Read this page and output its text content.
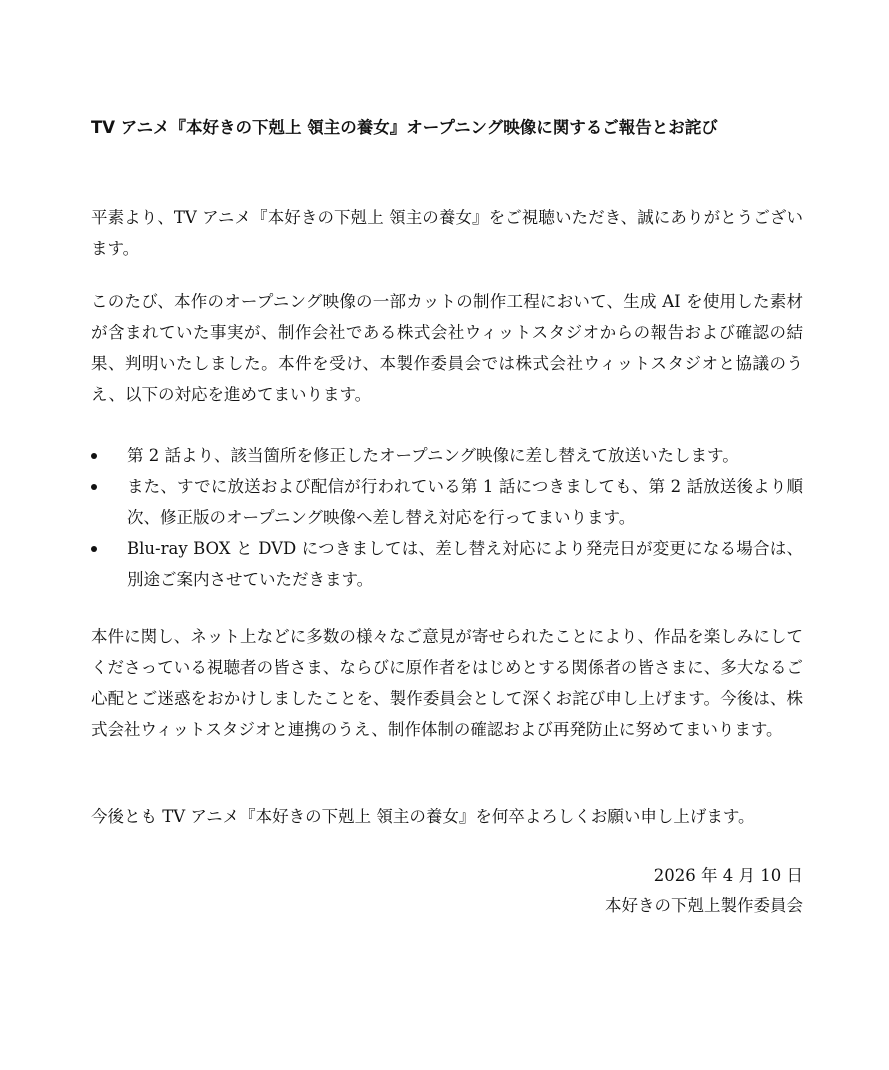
TV アニメ『本好きの下剋上 領主の養女』オープニング映像に関するご報告とお詫び

平素より、TV アニメ『本好きの下剋上 領主の養女』をご視聴いただき、誠にありがとうございます。

このたび、本作のオープニング映像の一部カットの制作工程において、生成 AI を使用した素材が含まれていた事実が、制作会社である株式会社ウィットスタジオからの報告および確認の結果、判明いたしました。本件を受け、本製作委員会では株式会社ウィットスタジオと協議のうえ、以下の対応を進めてまいります。

第 2 話より、該当箇所を修正したオープニング映像に差し替えて放送いたします。
また、すでに放送および配信が行われている第 1 話につきましても、第 2 話放送後より順次、修正版のオープニング映像へ差し替え対応を行ってまいります。
Blu-ray BOX と DVD につきましては、差し替え対応により発売日が変更になる場合は、別途ご案内させていただきます。

本件に関し、ネット上などに多数の様々なご意見が寄せられたことにより、作品を楽しみにしてくださっている視聴者の皆さま、ならびに原作者をはじめとする関係者の皆さまに、多大なるご心配とご迷惑をおかけしましたことを、製作委員会として深くお詫び申し上げます。今後は、株式会社ウィットスタジオと連携のうえ、制作体制の確認および再発防止に努めてまいります。

今後とも TV アニメ『本好きの下剋上 領主の養女』を何卒よろしくお願い申し上げます。

2026 年 4 月 10 日
本好きの下剋上製作委員会
